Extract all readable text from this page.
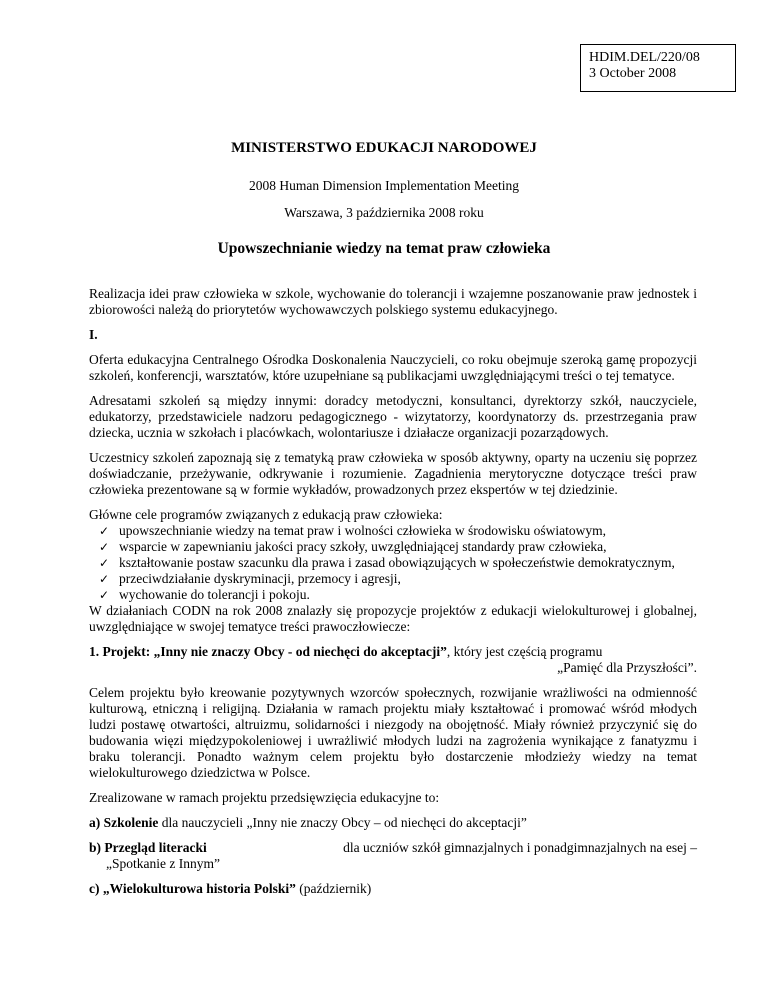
HDIM.DEL/220/08
3 October 2008
MINISTERSTWO EDUKACJI NARODOWEJ
2008 Human Dimension Implementation Meeting
Warszawa, 3 października 2008 roku
Upowszechnianie wiedzy na temat praw człowieka

Realizacja idei praw człowieka w szkole, wychowanie do tolerancji i wzajemne poszanowanie praw jednostek i zbiorowości należą do priorytetów wychowawczych polskiego systemu edukacyjnego.

I.

Oferta edukacyjna Centralnego Ośrodka Doskonalenia Nauczycieli, co roku obejmuje szeroką gamę propozycji szkoleń, konferencji, warsztatów, które uzupełniane są publikacjami uwzględniającymi treści o tej tematyce.

Adresatami szkoleń są między innymi: doradcy metodyczni, konsultanci, dyrektorzy szkół, nauczyciele, edukatorzy, przedstawiciele nadzoru pedagogicznego - wizytatorzy, koordynatorzy ds. przestrzegania praw dziecka, ucznia w szkołach i placówkach, wolontariusze i działacze organizacji pozarządowych.

Uczestnicy szkoleń zapoznają się z tematyką praw człowieka w sposób aktywny, oparty na uczeniu się poprzez doświadczanie, przeżywanie, odkrywanie i rozumienie. Zagadnienia merytoryczne dotyczące treści praw człowieka prezentowane są w formie wykładów, prowadzonych przez ekspertów w tej dziedzinie.

Główne cele programów związanych z edukacją praw człowieka:

✓ upowszechnianie wiedzy na temat praw i wolności człowieka w środowisku oświatowym,
✓ wsparcie w zapewnianiu jakości pracy szkoły, uwzględniającej standardy praw człowieka,
✓ kształtowanie postaw szacunku dla prawa i zasad obowiązujących w społeczeństwie demokratycznym,
✓ przeciwdziałanie dyskryminacji, przemocy i agresji,
✓ wychowanie do tolerancji i pokoju.

W działaniach CODN na rok 2008 znalazły się propozycje projektów z edukacji wielokulturowej i globalnej, uwzględniające w swojej tematyce treści prawoczłowiecze:

1. Projekt: „Inny nie znaczy Obcy - od niechęci do akceptacji”, który jest częścią programu

„Pamięć dla Przyszłości”.

Celem projektu było kreowanie pozytywnych wzorców społecznych, rozwijanie wrażliwości na odmienność kulturową, etniczną i religijną. Działania w ramach projektu miały kształtować i promować wśród młodych ludzi postawę otwartości, altruizmu, solidarności i niezgody na obojętność. Miały również przyczynić się do budowania więzi międzypokoleniowej i uwrażliwić młodych ludzi na zagrożenia wynikające z fanatyzmu i braku tolerancji. Ponadto ważnym celem projektu było dostarczenie młodzieży wiedzy na temat wielokulturowego dziedzictwa w Polsce.

Zrealizowane w ramach projektu przedsięwzięcia edukacyjne to:

a) Szkolenie dla nauczycieli „Inny nie znaczy Obcy – od niechęci do akceptacji”

b) Przegląd literacki	dla uczniów szkół gimnazjalnych i ponadgimnazjalnych na esej –
„Spotkanie z Innym”

c) „Wielokulturowa historia Polski” (październik)
